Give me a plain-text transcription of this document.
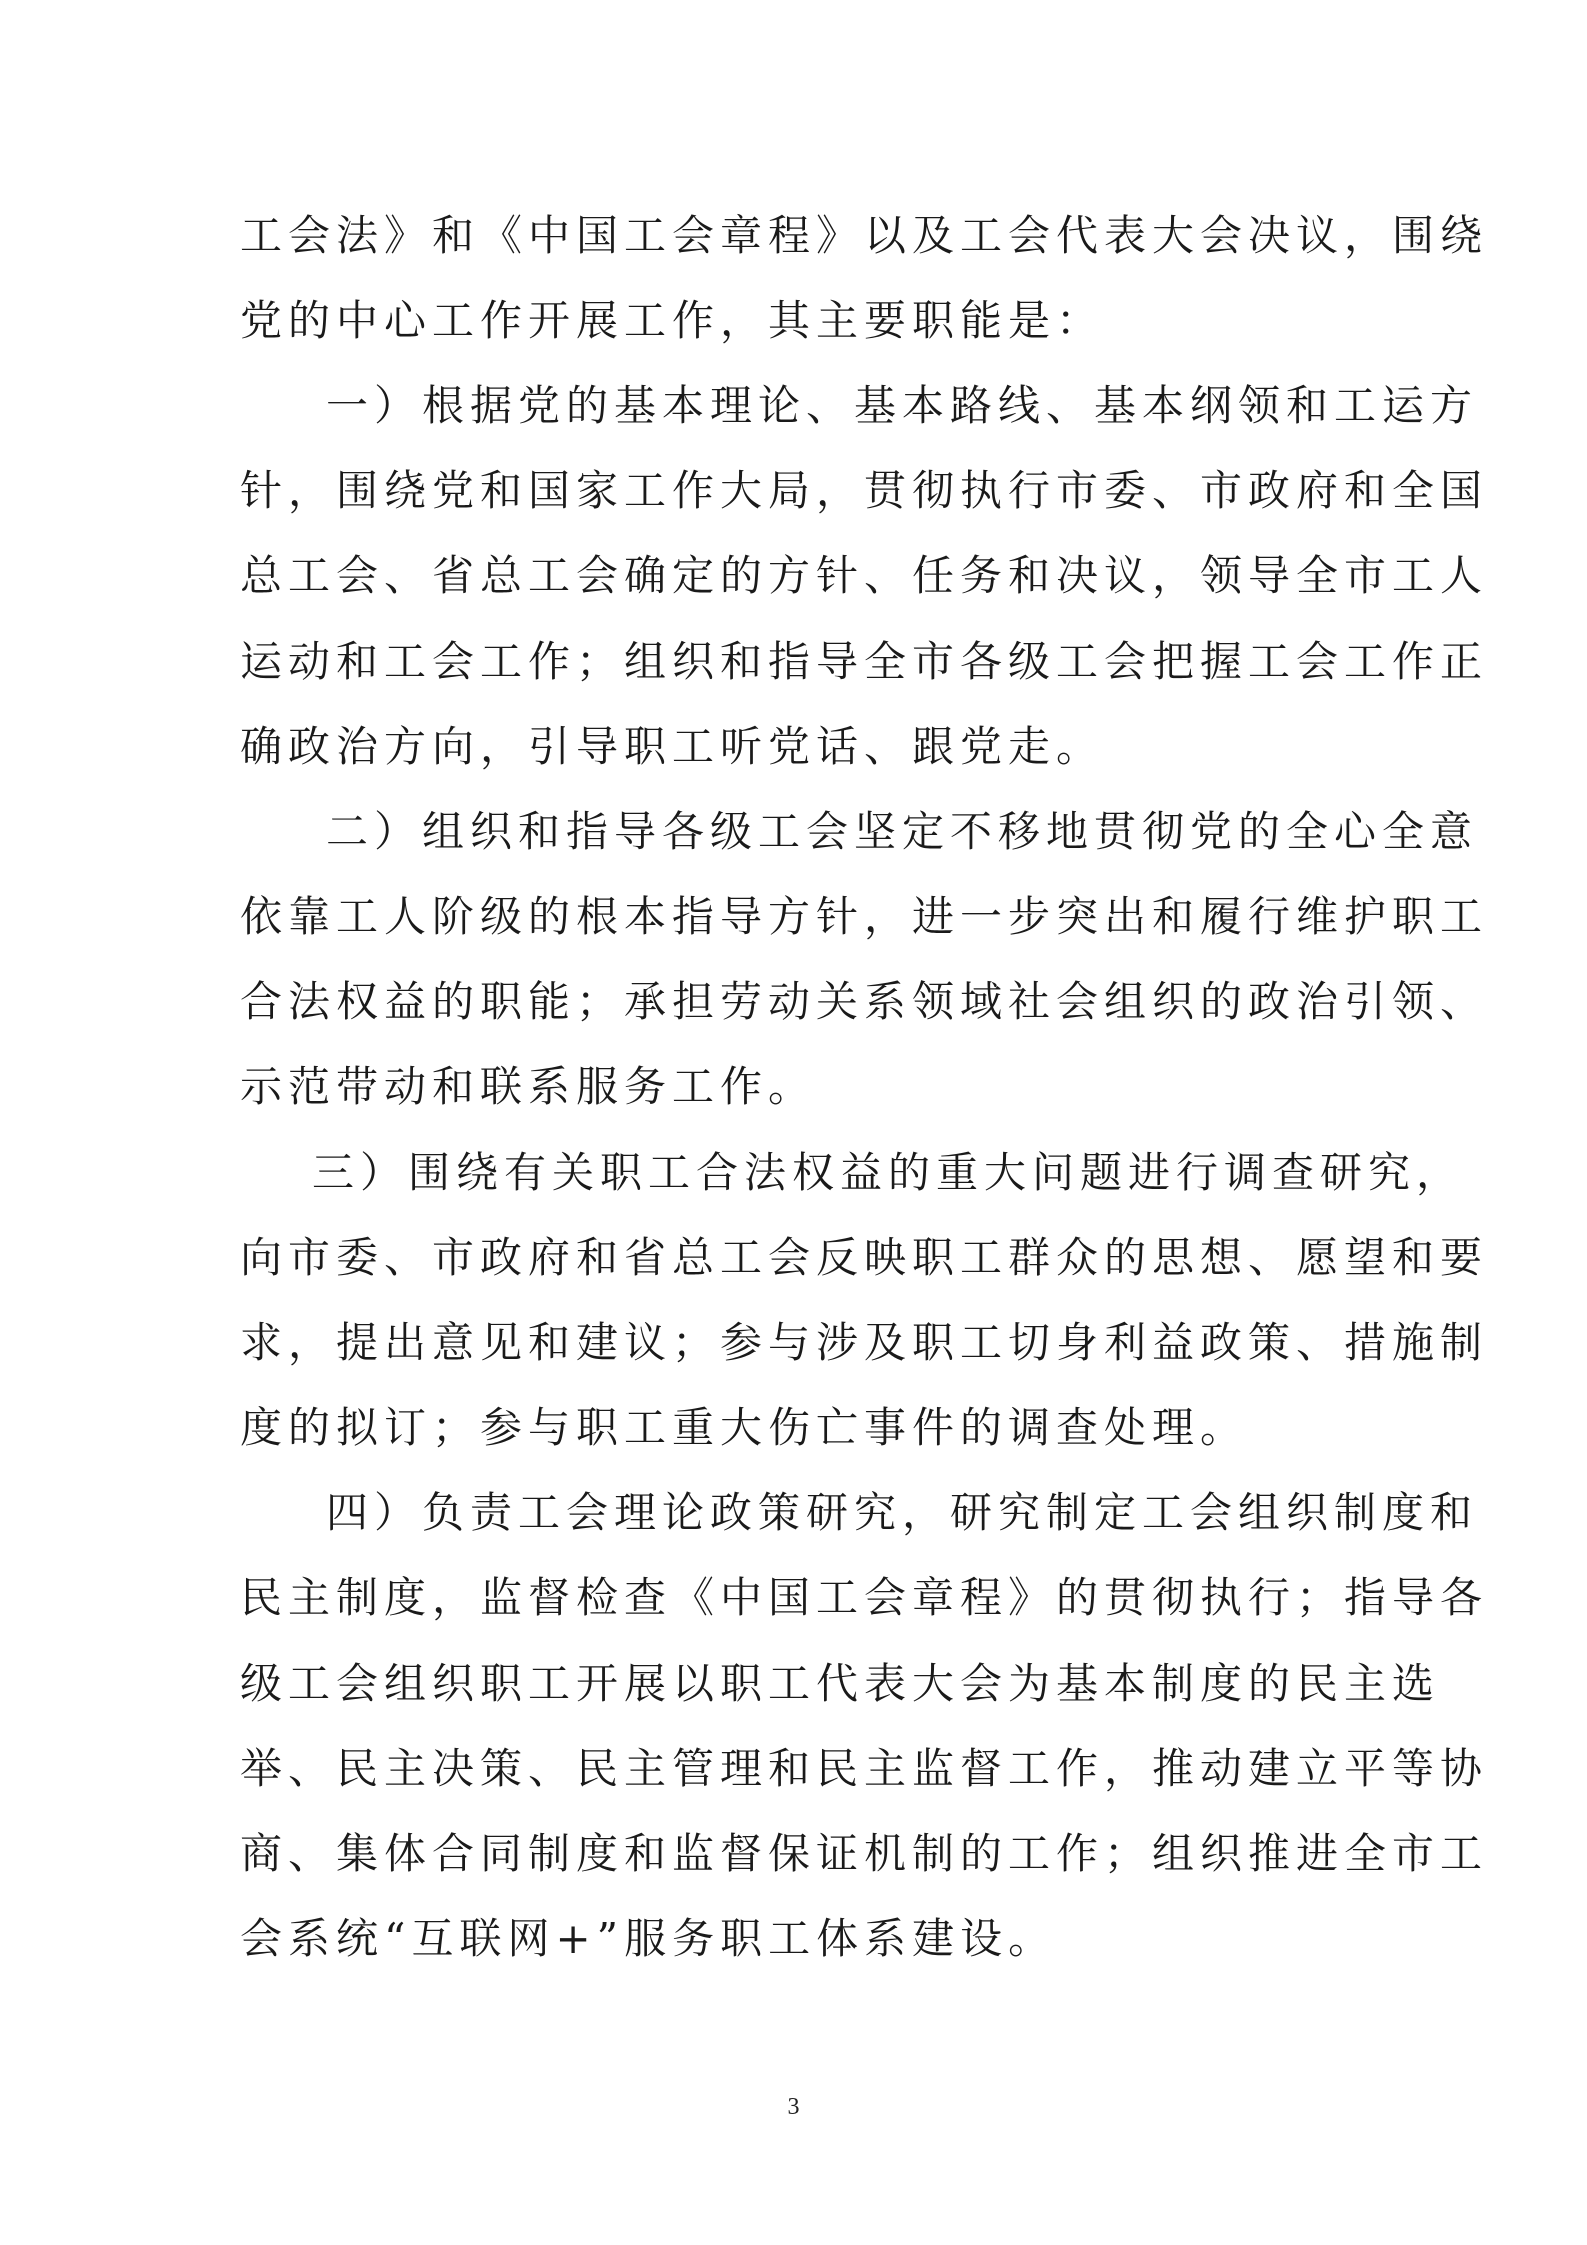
工会法》和《中国工会章程》以及工会代表大会决议，围绕
党的中心工作开展工作，其主要职能是：
一）根据党的基本理论、基本路线、基本纲领和工运方
针，围绕党和国家工作大局，贯彻执行市委、市政府和全国
总工会、省总工会确定的方针、任务和决议，领导全市工人
运动和工会工作；组织和指导全市各级工会把握工会工作正
确政治方向，引导职工听党话、跟党走。
二）组织和指导各级工会坚定不移地贯彻党的全心全意
依靠工人阶级的根本指导方针，进一步突出和履行维护职工
合法权益的职能；承担劳动关系领域社会组织的政治引领、
示范带动和联系服务工作。
三）围绕有关职工合法权益的重大问题进行调查研究，
向市委、市政府和省总工会反映职工群众的思想、愿望和要
求，提出意见和建议；参与涉及职工切身利益政策、措施制
度的拟订；参与职工重大伤亡事件的调查处理。
四）负责工会理论政策研究，研究制定工会组织制度和
民主制度，监督检查《中国工会章程》的贯彻执行；指导各
级工会组织职工开展以职工代表大会为基本制度的民主选
举、民主决策、民主管理和民主监督工作，推动建立平等协
商、集体合同制度和监督保证机制的工作；组织推进全市工
会系统“互联网+”服务职工体系建设。
3
